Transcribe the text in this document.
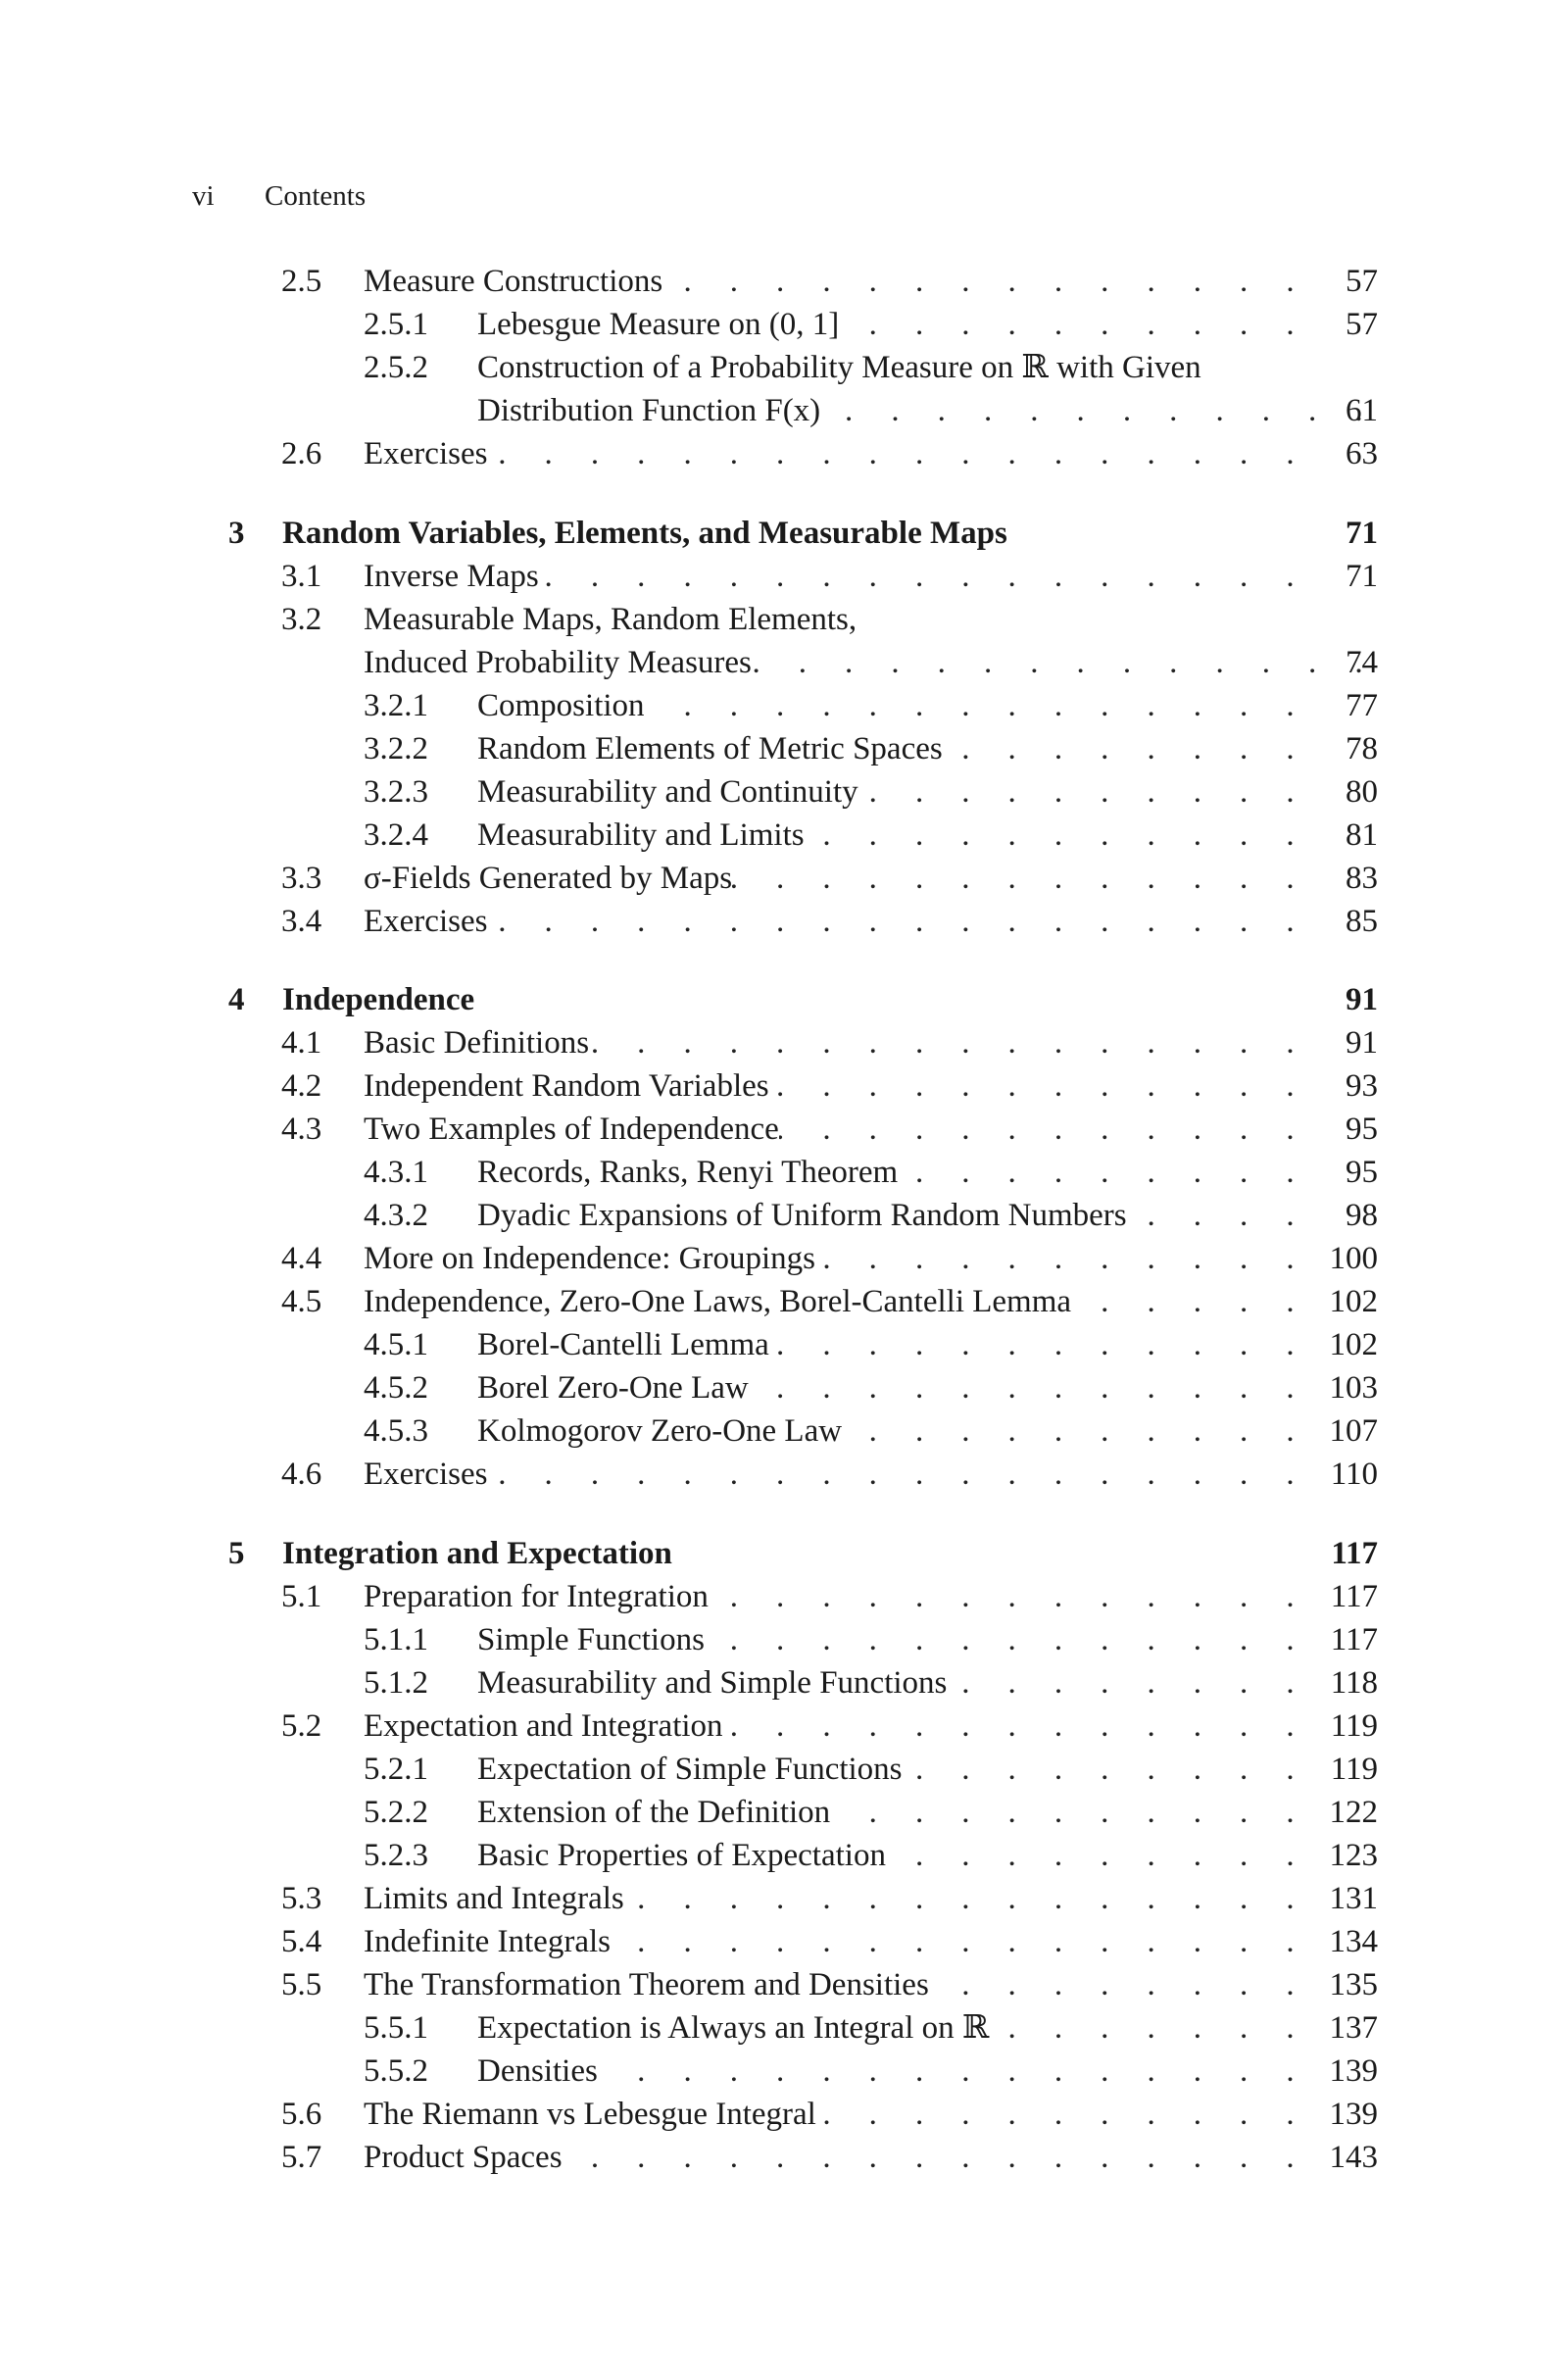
vi Contents
2.5 Measure Constructions . . .	57
2.5.1 Lebesgue Measure on (0, 1] . . .	57
2.5.2 Construction of a Probability Measure on ℝ with Given
Distribution Function F(x) . . .	61
2.6 Exercises . . .	63
3 Random Variables, Elements, and Measurable Maps	71
3.1 Inverse Maps . . .	71
3.2 Measurable Maps, Random Elements,
Induced Probability Measures . . .	74
3.2.1 Composition . . .	77
3.2.2 Random Elements of Metric Spaces . . .	78
3.2.3 Measurability and Continuity . . .	80
3.2.4 Measurability and Limits . . .	81
3.3 σ-Fields Generated by Maps . . .	83
3.4 Exercises . . .	85
4 Independence	91
4.1 Basic Definitions . . .	91
4.2 Independent Random Variables . . .	93
4.3 Two Examples of Independence . . .	95
4.3.1 Records, Ranks, Renyi Theorem . . .	95
4.3.2 Dyadic Expansions of Uniform Random Numbers . . .	98
4.4 More on Independence: Groupings . . .	100
4.5 Independence, Zero-One Laws, Borel-Cantelli Lemma . . .	102
4.5.1 Borel-Cantelli Lemma . . .	102
4.5.2 Borel Zero-One Law . . .	103
4.5.3 Kolmogorov Zero-One Law . . .	107
4.6 Exercises . . .	110
5 Integration and Expectation	117
5.1 Preparation for Integration . . .	117
5.1.1 Simple Functions . . .	117
5.1.2 Measurability and Simple Functions . . .	118
5.2 Expectation and Integration . . .	119
5.2.1 Expectation of Simple Functions . . .	119
5.2.2 Extension of the Definition . . .	122
5.2.3 Basic Properties of Expectation . . .	123
5.3 Limits and Integrals . . .	131
5.4 Indefinite Integrals . . .	134
5.5 The Transformation Theorem and Densities . . .	135
5.5.1 Expectation is Always an Integral on ℝ . . .	137
5.5.2 Densities . . .	139
5.6 The Riemann vs Lebesgue Integral . . .	139
5.7 Product Spaces . . .	143
